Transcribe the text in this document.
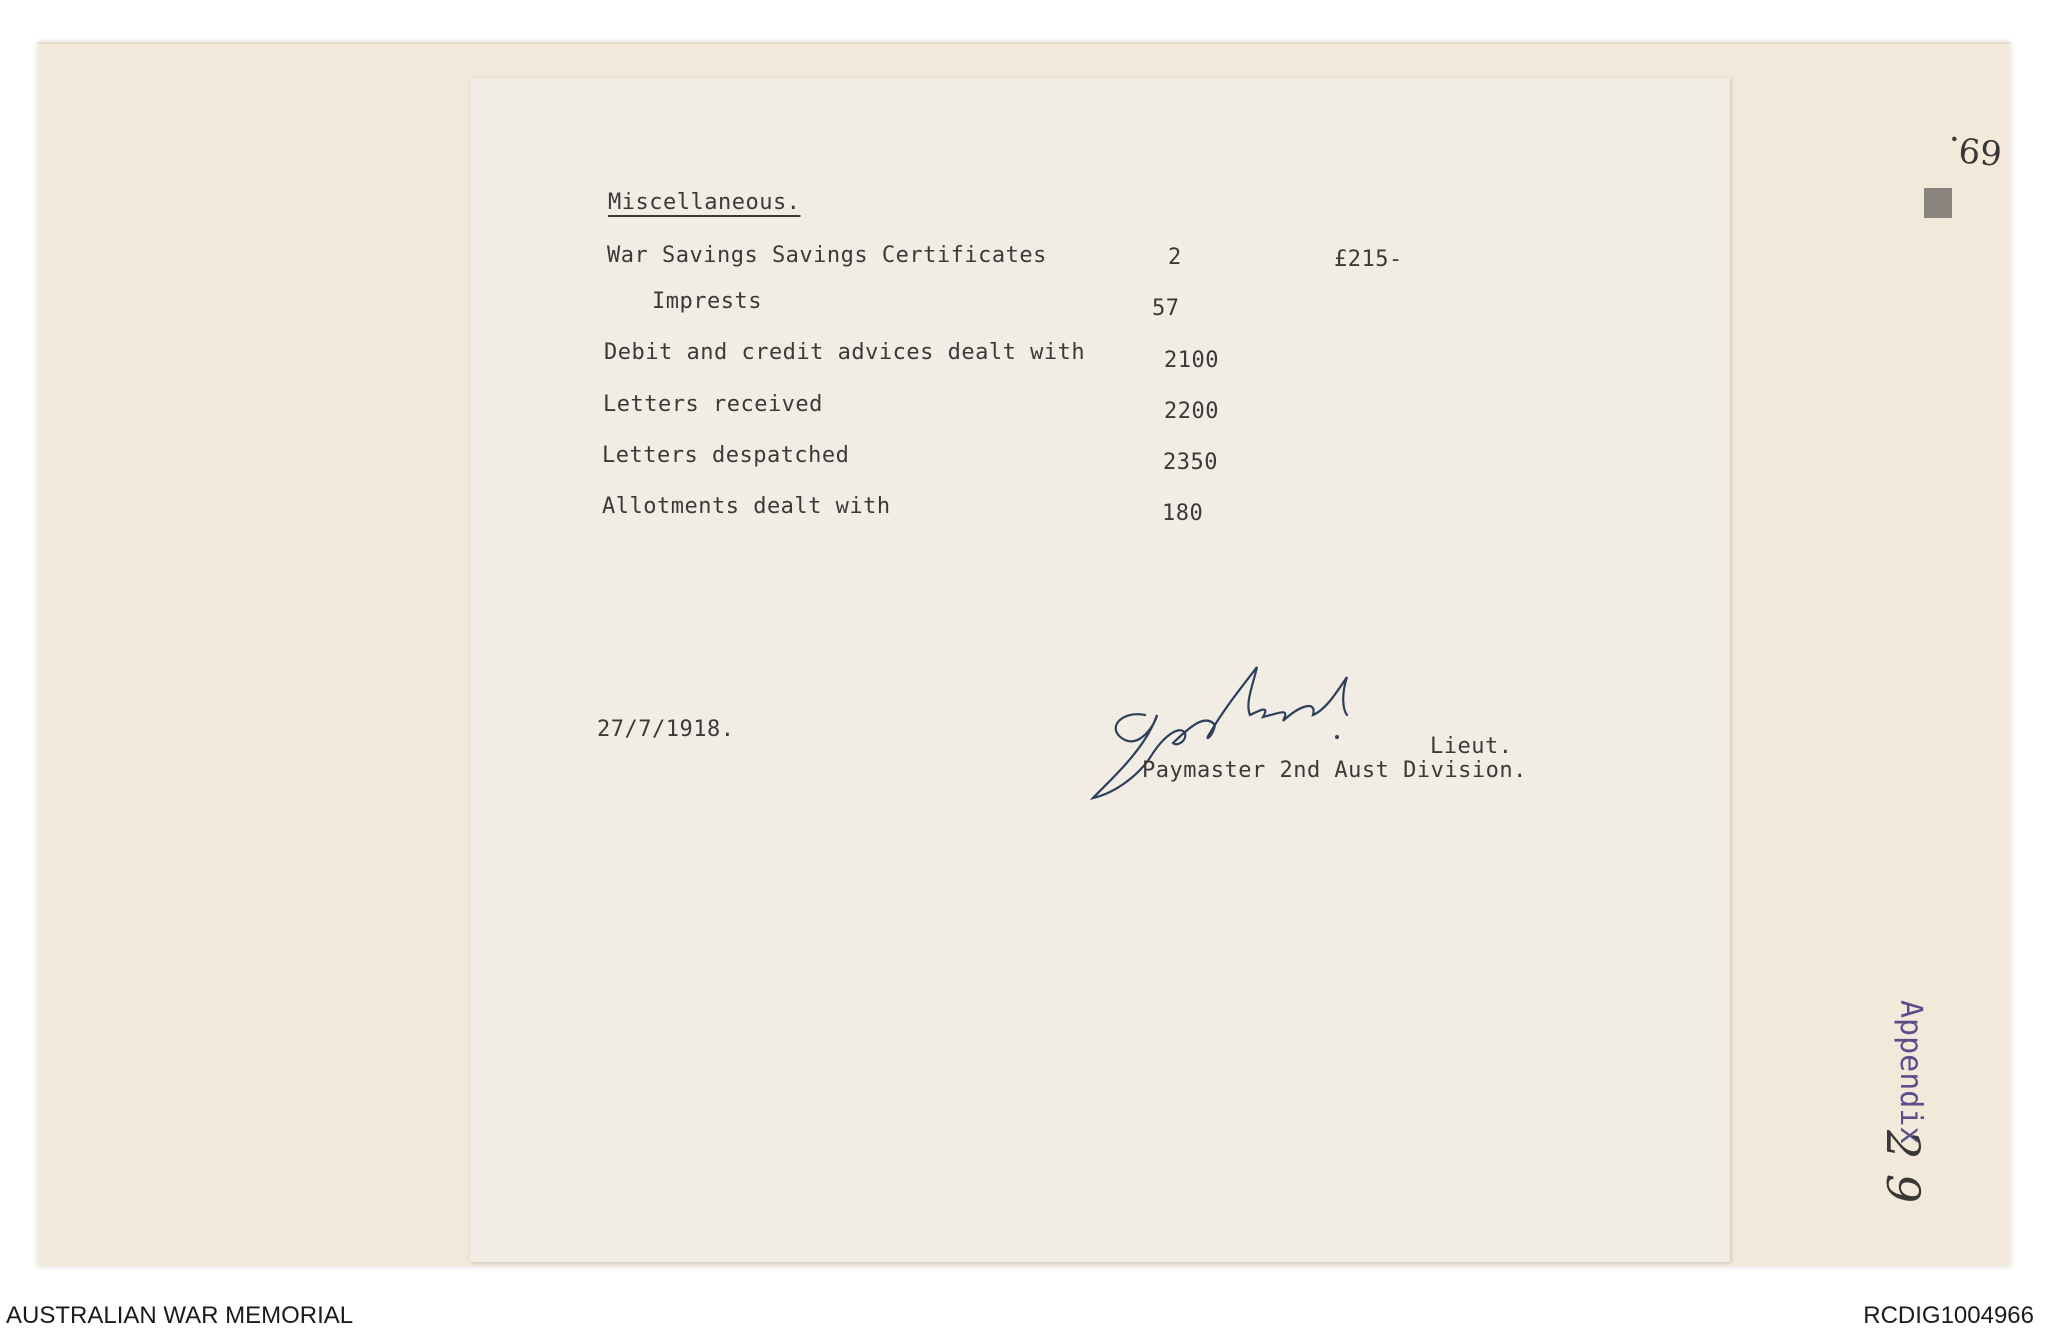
Miscellaneous.
War Savings Savings Certificates	2	£215-
Imprests	57
Debit and credit advices dealt with	2100
Letters received	2200
Letters despatched	2350
Allotments dealt with	180
27/7/1918.
Lieut.
Paymaster 2nd Aust Division.
69.
Appendix
2 9
AUSTRALIAN WAR MEMORIAL	RCDIG1004966
